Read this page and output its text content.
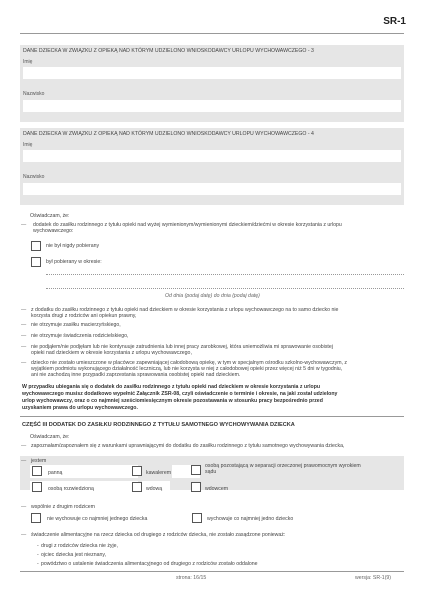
SR-1
DANE DZIECKA W ZWIĄZKU Z OPIEKĄ NAD KTÓRYM UDZIELONO WNIOSKODAWCY URLOPU WYCHOWAWCZEGO - 3
Imię
Nazwisko
DANE DZIECKA W ZWIĄZKU Z OPIEKĄ NAD KTÓRYM UDZIELONO WNIOSKODAWCY URLOPU WYCHOWAWCZEGO - 4
Imię
Nazwisko
Oświadczam, że:
— dodatek do zasiłku rodzinnego z tytułu opieki nad wyżej wymienionym/wymienionymi dzieckiem/dziećmi w okresie korzystania z urlopu
wychowawczego:
nie był nigdy pobierany
był pobierany w okresie:
Od dnia (podaj datę) do dnia (podaj datę)
— z dodatku do zasiłku rodzinnego z tytułu opieki nad dzieckiem w okresie korzystania z urlopu wychowawczego na to samo dziecko nie
korzysta drugi z rodziców ani opiekun prawny,
— nie otrzymuje zasiłku macierzyńskiego,
— nie otrzymuje świadczenia rodzicielskiego,
— nie podjąłem/nie podjęłam lub nie kontynuuje zatrudnienia lub innej pracy zarobkowej, która uniemożliwia mi sprawowanie osobistej
opieki nad dzieckiem w okresie korzystania z urlopu wychowawczego,
— dziecko nie zostało umieszczone w placówce zapewniającej całodobową opiekę, w tym w specjalnym ośrodku szkolno-wychowawczym, z
wyjątkiem podmiotu wykonującego działalność leczniczą, lub nie korzysta w niej z całodobowej opieki przez więcej niż 5 dni w tygodniu,
ani nie zachodzą inne przypadki zaprzestania sprawowania osobistej opieki nad dzieckiem.
W przypadku ubiegania się o dodatek do zasiłku rodzinnego z tytułu opieki nad dzieckiem w okresie korzystania z urlopu
wychowawczego musisz dodatkowo wypełnić Załącznik ZSR-08, czyli oświadczenie o terminie i okresie, na jaki został udzielony
urlop wychowawczy, oraz o co najmniej sześciomiesięcznym okresie pozostawania w stosunku pracy bezpośrednio przed
uzyskaniem prawa do urlopu wychowawczego.
CZĘŚĆ III DODATEK DO ZASIŁKU RODZINNEGO Z TYTUŁU SAMOTNEGO WYCHOWYWANIA DZIECKA
Oświadczam, że:
— zapoznałam/zapoznałem się z warunkami uprawniającymi do dodatku do zasiłku rodzinnego z tytułu samotnego wychowywania dziecka,
— jestem
panną
osobą rozwiedzioną
kawalerem
wdową
osobą pozostającą w separacji orzeczonej prawomocnym wyrokiem
sądu
wdowcem
— wspólnie z drugim rodzicem
nie wychowuje co najmniej jednego dziecka	wychowuje co najmniej jedno dziecko
— świadczenie alimentacyjne na rzecz dziecka od drugiego z rodziców dziecka, nie zostało zasądzone ponieważ:
- drugi z rodziców dziecka nie żyje,
- ojciec dziecka jest nieznany,
- powództwo o ustalenie świadczenia alimentacyjnego od drugiego z rodziców zostało oddalone
strona: 16/15	wersja: SR-1(9)
